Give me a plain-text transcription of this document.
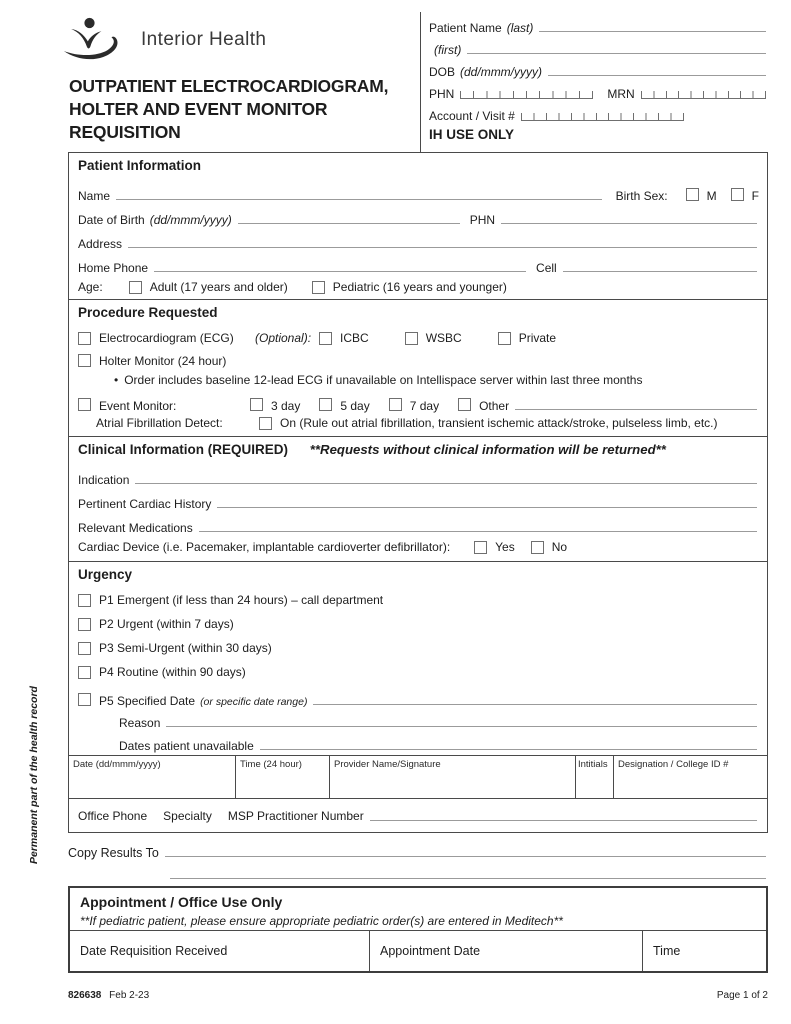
Permanent part of the health record
Interior Health
OUTPATIENT ELECTROCARDIOGRAM,
HOLTER AND EVENT MONITOR
REQUISITION
Patient Name (last)
(first)
DOB (dd/mmm/yyyy)
PHN	MRN
Account / Visit #
IH USE ONLY
Patient Information
Name	Birth Sex:	M	F
Date of Birth (dd/mmm/yyyy)	PHN
Address
Home Phone	Cell
Age:	Adult (17 years and older)	Pediatric (16 years and younger)
Procedure Requested
Electrocardiogram (ECG)	(Optional): ICBC	WSBC	Private
Holter Monitor (24 hour)
•
Order includes baseline 12-lead ECG if unavailable on Intellispace server within last three months
Event Monitor:	3 day	5 day	7 day	Other
Atrial Fibrillation Detect:	On (Rule out atrial fibrillation, transient ischemic attack/stroke, pulseless limb, etc.)
Clinical Information (REQUIRED) **Requests without clinical information will be returned**
Indication
Pertinent Cardiac History
Relevant Medications
Cardiac Device (i.e. Pacemaker, implantable cardioverter defibrillator):	Yes	No
Urgency
P1 Emergent (if less than 24 hours) – call department
P2 Urgent (within 7 days)
P3 Semi-Urgent (within 30 days)
P4 Routine (within 90 days)
P5 Specified Date (or specific date range)
Reason
Dates patient unavailable
Date (dd/mmm/yyyy)	Time (24 hour)	Provider Name/Signature	Intitials	Designation / College ID #
Office Phone Specialty MSP Practitioner Number
Copy Results To
Appointment / Office Use Only
**If pediatric patient, please ensure appropriate pediatric order(s) are entered in Meditech**
Date Requisition Received	Appointment Date	Time
826638 Feb 2-23	Page 1 of 2
